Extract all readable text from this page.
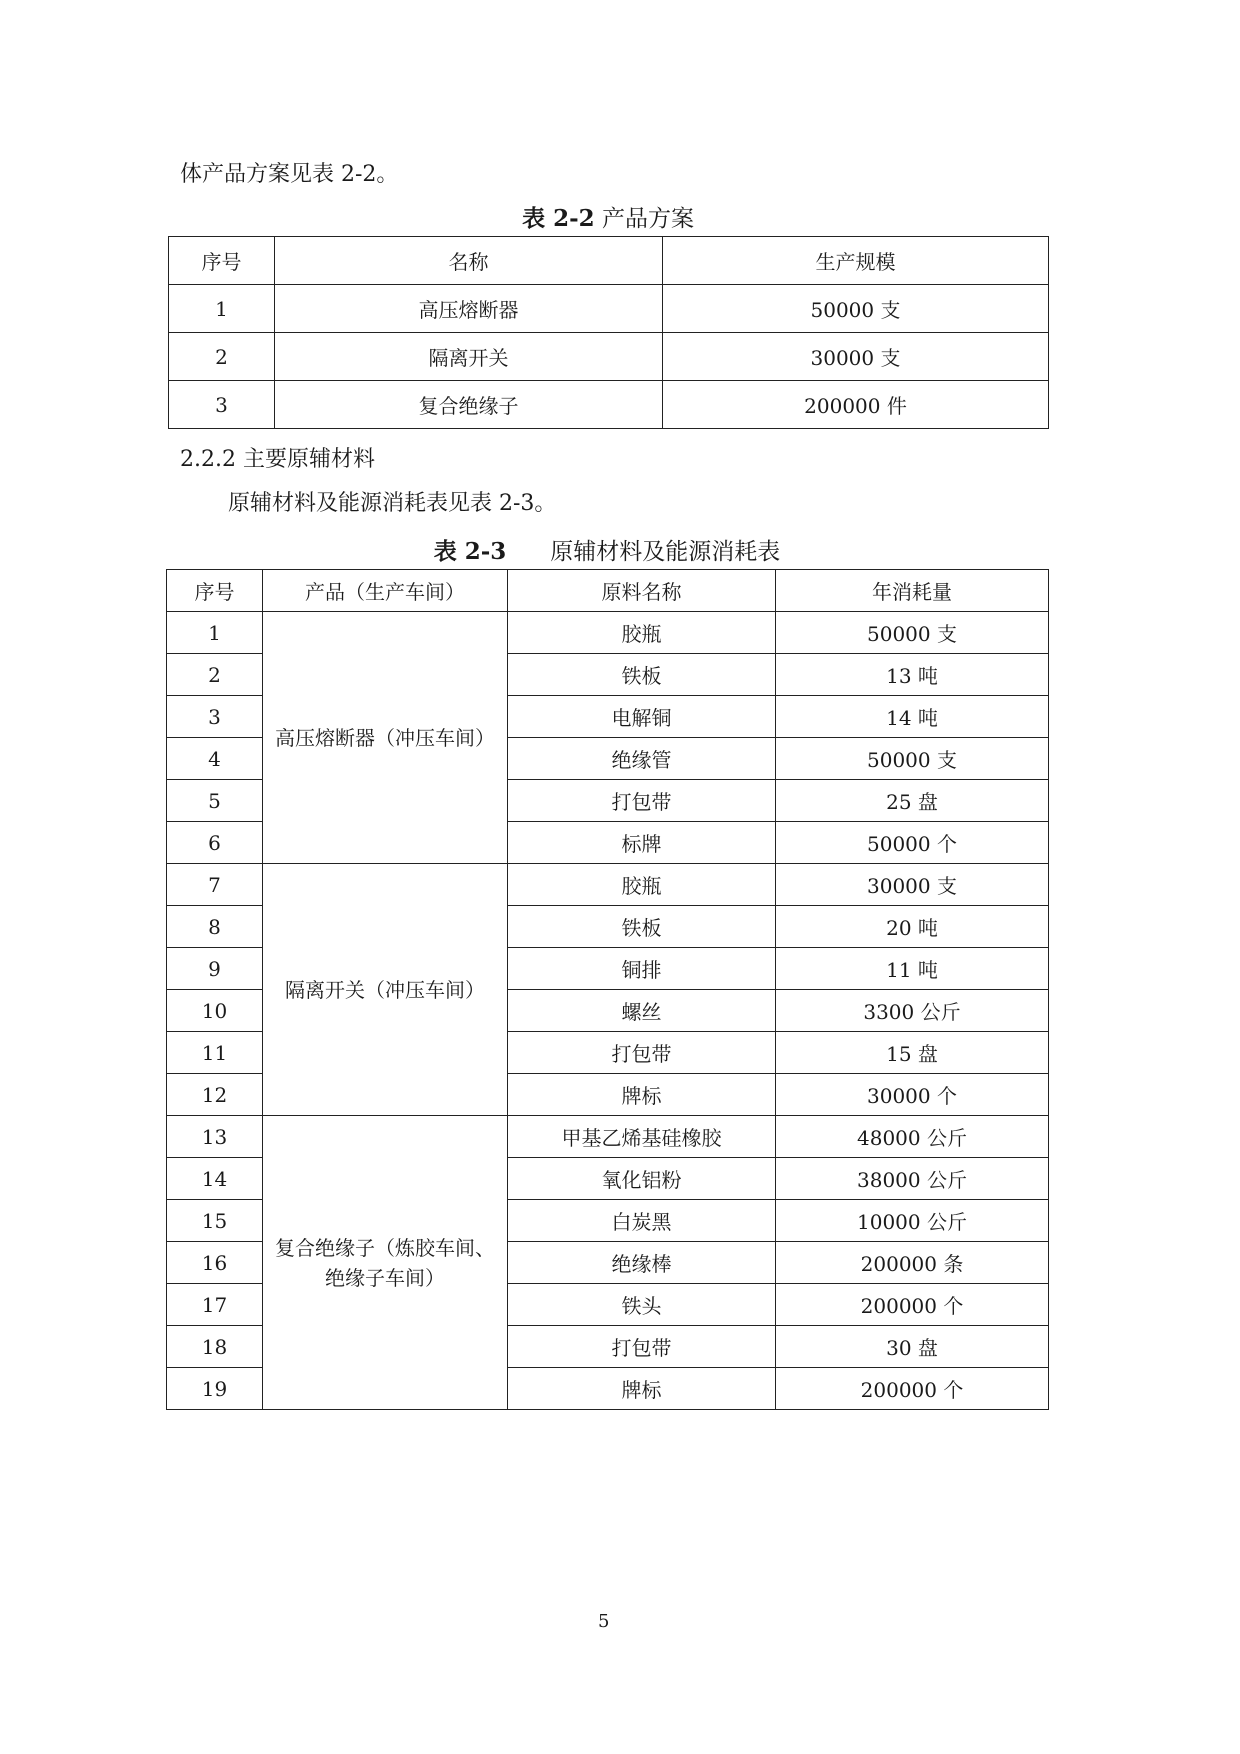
体产品方案见表 2-2。
表 2-2 产品方案
序号	名称	生产规模
1	高压熔断器	50000 支
2	隔离开关	30000 支
3	复合绝缘子	200000 件
2.2.2 主要原辅材料
原辅材料及能源消耗表见表 2-3。
表 2-3 原辅材料及能源消耗表
序号	产品（生产车间）	原料名称	年消耗量
1	高压熔断器（冲压车间）	胶瓶	50000 支
2		铁板	13 吨
3		电解铜	14 吨
4		绝缘管	50000 支
5		打包带	25 盘
6		标牌	50000 个
7	隔离开关（冲压车间）	胶瓶	30000 支
8		铁板	20 吨
9		铜排	11 吨
10		螺丝	3300 公斤
11		打包带	15 盘
12		牌标	30000 个
13	复合绝缘子（炼胶车间、
绝缘子车间）	甲基乙烯基硅橡胶	48000 公斤
14		氧化铝粉	38000 公斤
15		白炭黑	10000 公斤
16		绝缘棒	200000 条
17		铁头	200000 个
18		打包带	30 盘
19		牌标	200000 个
5
